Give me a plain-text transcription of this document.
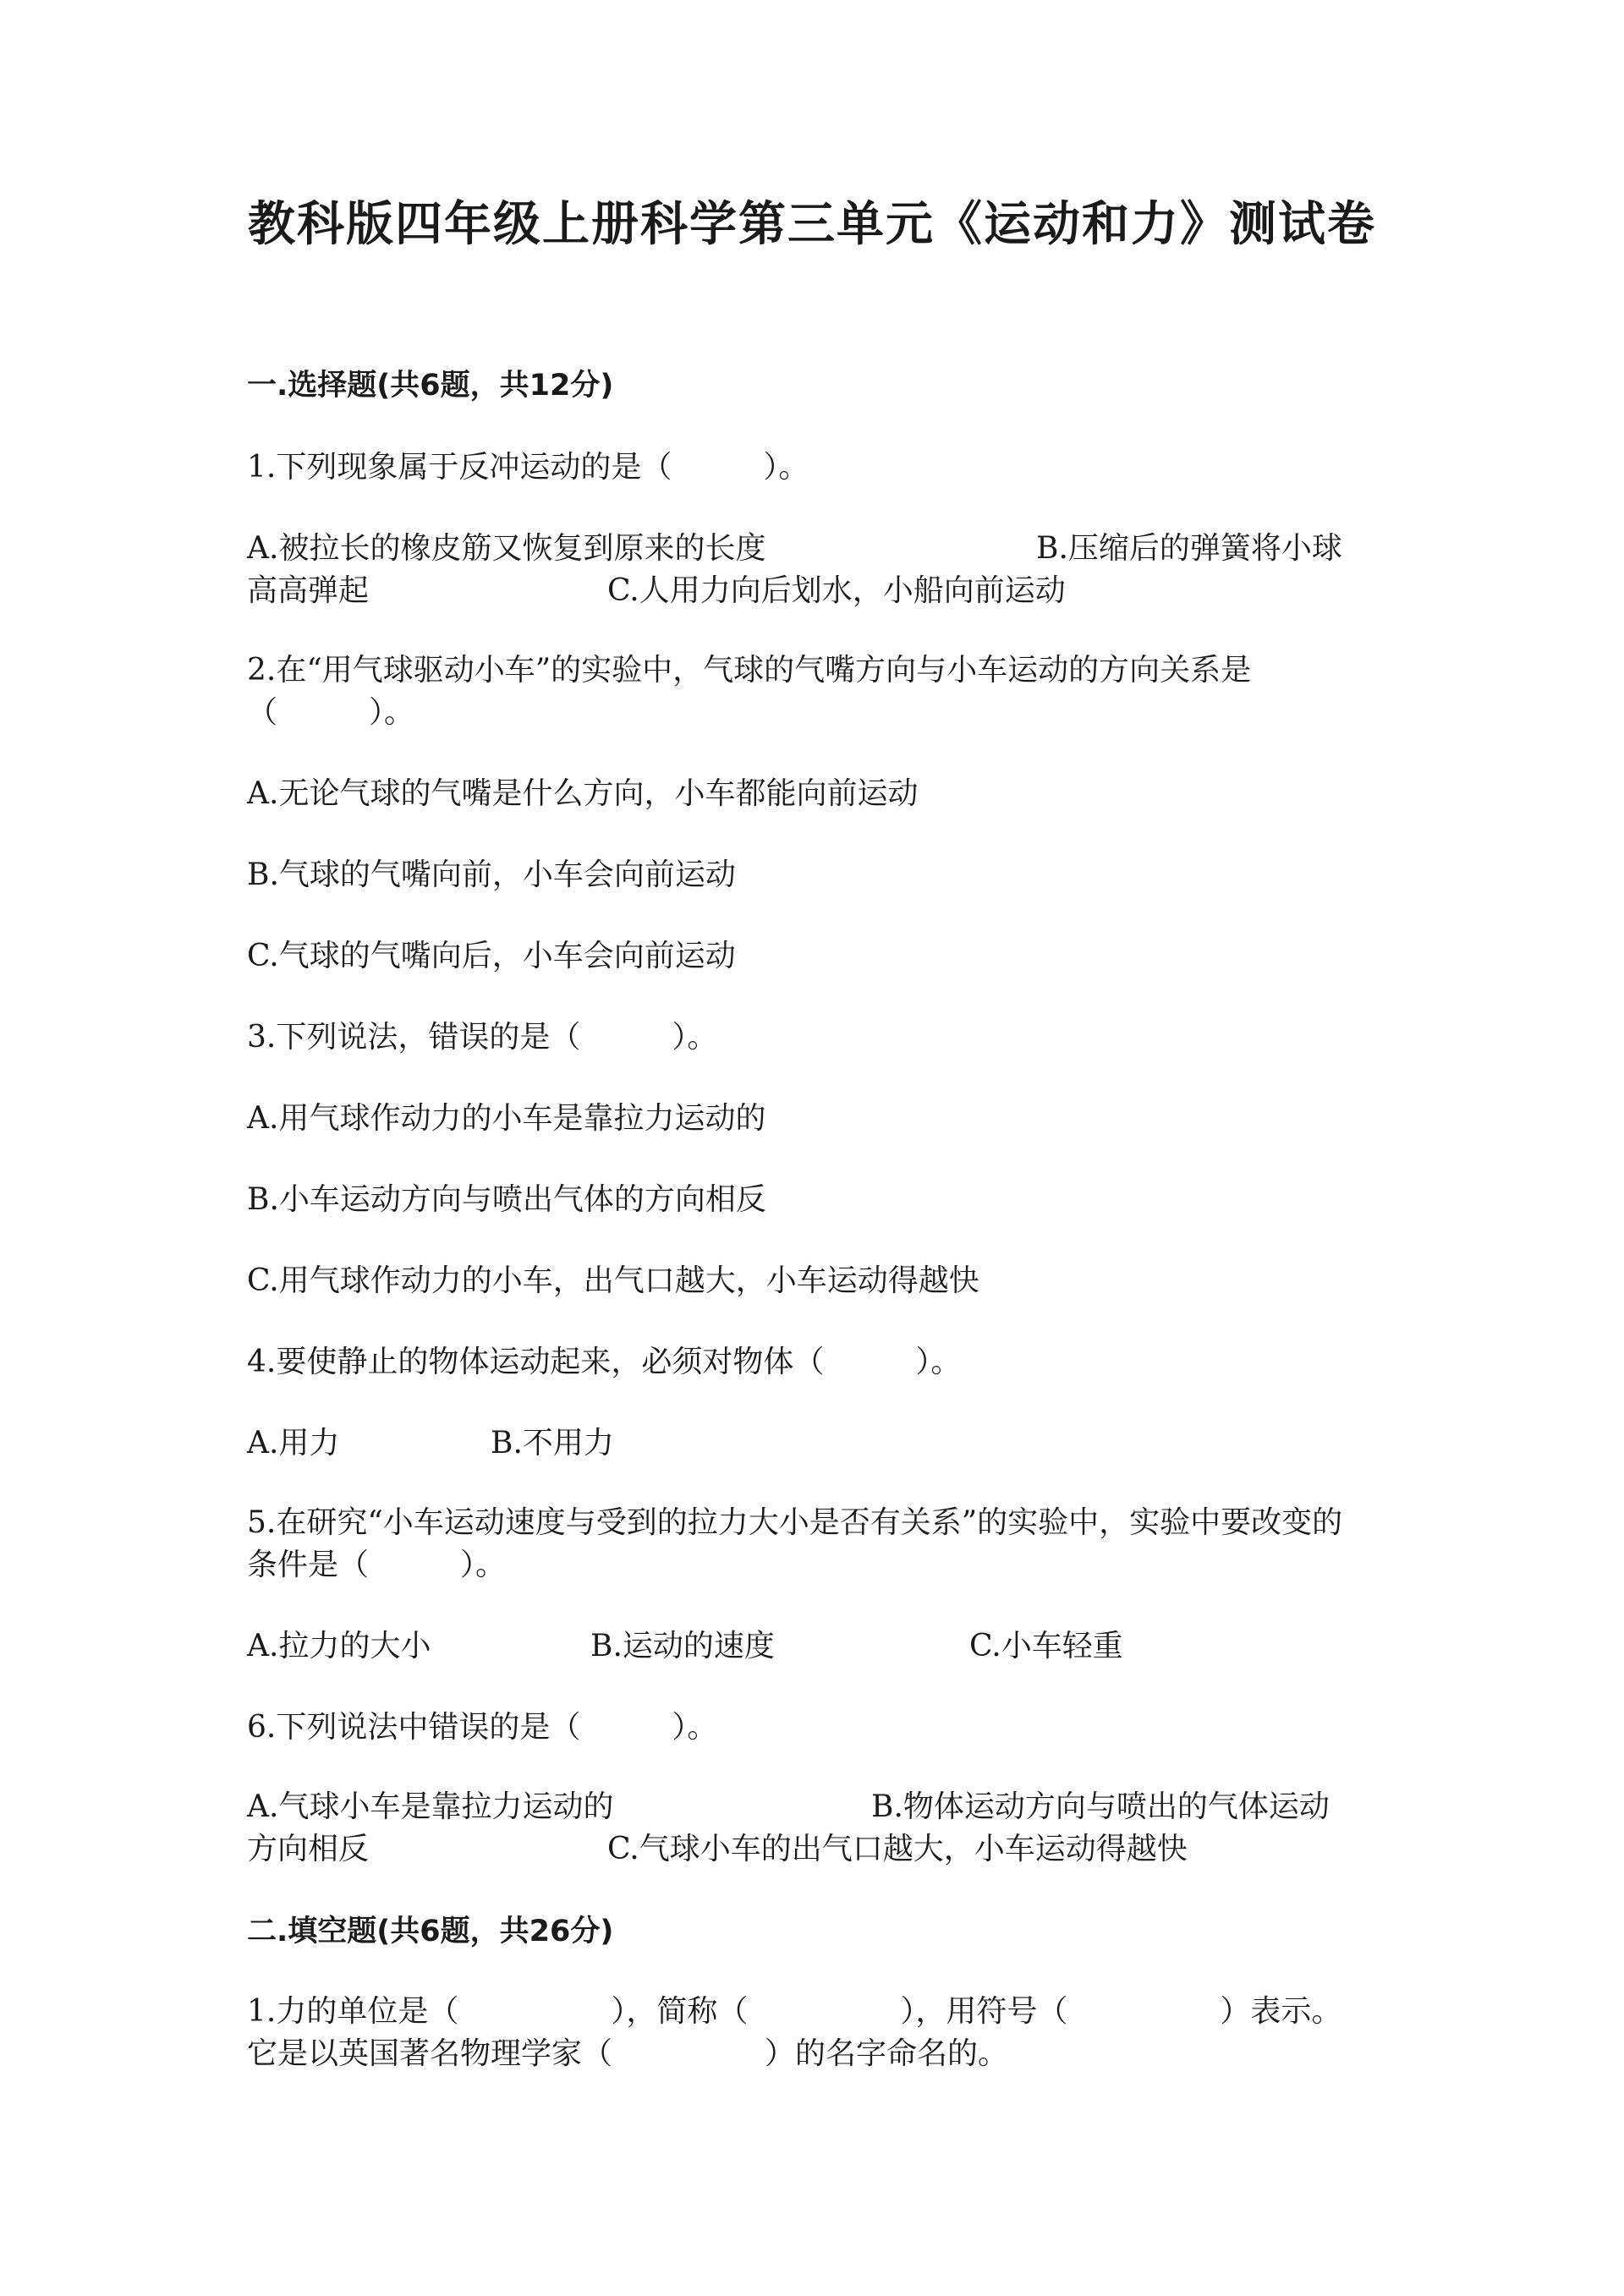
教科版四年级上册科学第三单元《运动和力》测试卷
一.选择题(共6题，共12分)
1.下列现象属于反冲运动的是（　　　）。
A.被拉长的橡皮筋又恢复到原来的长度	B.压缩后的弹簧将小球
高高弹起	C.人用力向后划水，小船向前运动
2.在“用气球驱动小车”的实验中，气球的气嘴方向与小车运动的方向关系是（　　　）。
A.无论气球的气嘴是什么方向，小车都能向前运动
B.气球的气嘴向前，小车会向前运动
C.气球的气嘴向后，小车会向前运动
3.下列说法，错误的是（　　　）。
A.用气球作动力的小车是靠拉力运动的
B.小车运动方向与喷出气体的方向相反
C.用气球作动力的小车，出气口越大，小车运动得越快
4.要使静止的物体运动起来，必须对物体（　　　）。
A.用力	B.不用力
5.在研究“小车运动速度与受到的拉力大小是否有关系”的实验中，实验中要改变的条件是（　　　）。
A.拉力的大小	B.运动的速度	C.小车轻重
6.下列说法中错误的是（　　　）。
A.气球小车是靠拉力运动的	B.物体运动方向与喷出的气体运动
方向相反	C.气球小车的出气口越大，小车运动得越快
二.填空题(共6题，共26分)
1.力的单位是（　　　　　），简称（　　　　　），用符号（　　　　　）表示。它是以英国著名物理学家（　　　　　）的名字命名的。
